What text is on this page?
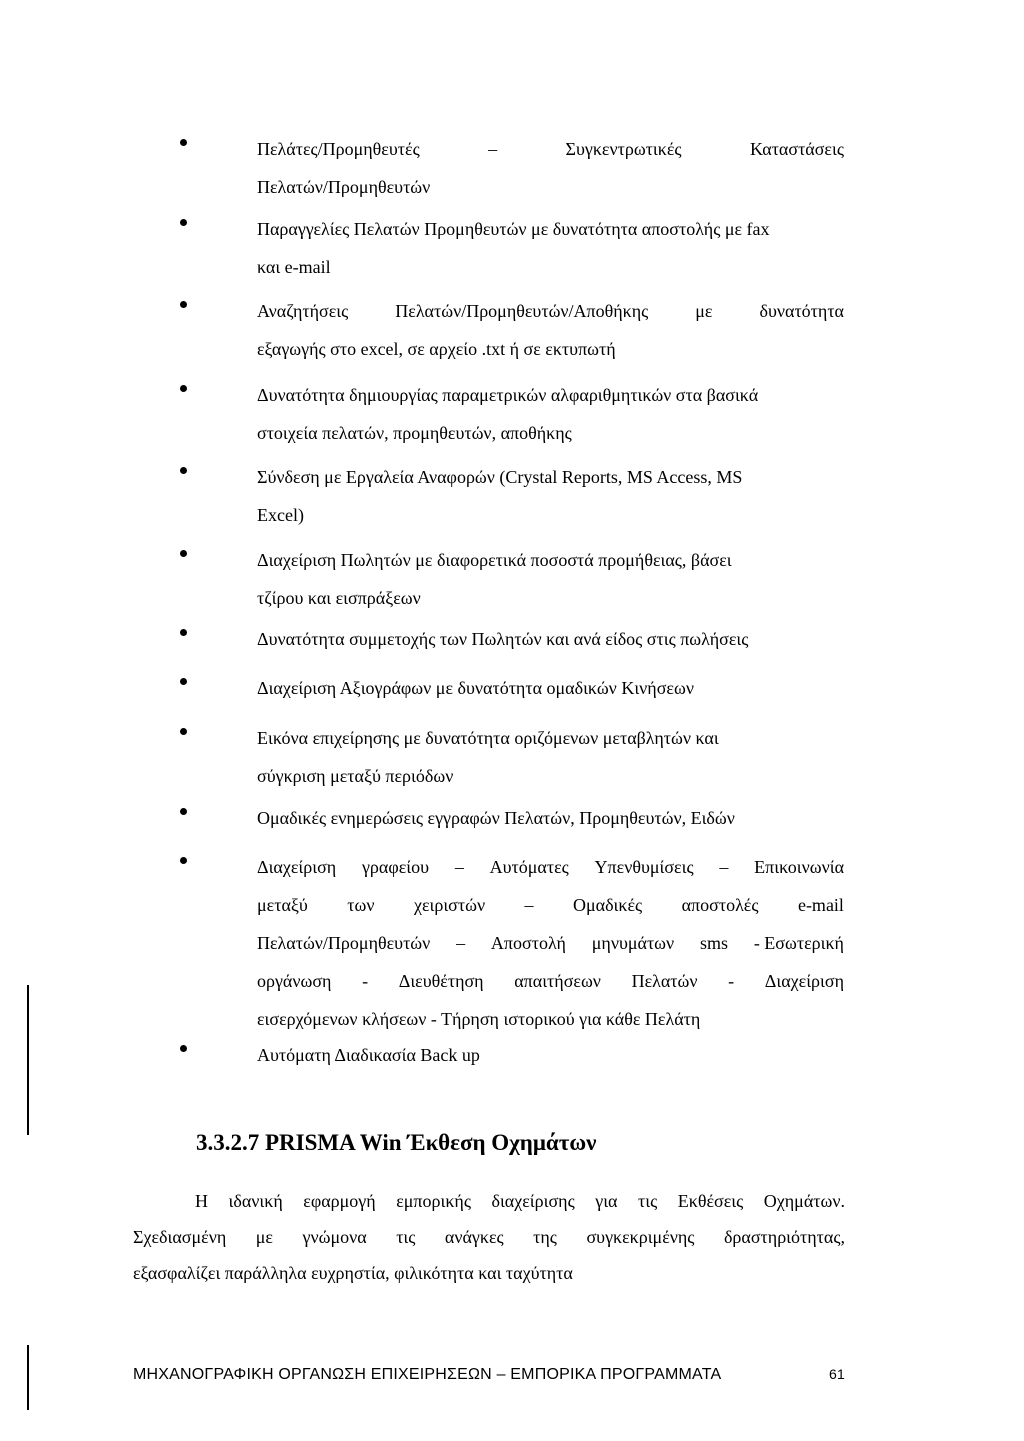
Πελάτες/Προμηθευτές	–	Συγκεντρωτικές	Καταστάσεις
Πελατών/Προμηθευτών
Παραγγελίες Πελατών Προμηθευτών με δυνατότητα αποστολής με fax
και e-mail
Αναζητήσεις	Πελατών/Προμηθευτών/Αποθήκης	με	δυνατότητα
εξαγωγής στο excel, σε αρχείο .txt ή σε εκτυπωτή
Δυνατότητα δημιουργίας παραμετρικών αλφαριθμητικών στα βασικά
στοιχεία πελατών, προμηθευτών, αποθήκης
Σύνδεση με Εργαλεία Αναφορών (Crystal Reports, MS Access, MS
Excel)
Διαχείριση Πωλητών με διαφορετικά ποσοστά προμήθειας, βάσει
τζίρου και εισπράξεων
Δυνατότητα συμμετοχής των Πωλητών και ανά είδος στις πωλήσεις
Διαχείριση Αξιογράφων με δυνατότητα ομαδικών Κινήσεων
Εικόνα επιχείρησης με δυνατότητα οριζόμενων μεταβλητών και
σύγκριση μεταξύ περιόδων
Ομαδικές ενημερώσεις εγγραφών Πελατών, Προμηθευτών, Ειδών
Διαχείριση γραφείου – Αυτόματες Υπενθυμίσεις – Επικοινωνία
μεταξύ των χειριστών – Ομαδικές αποστολές e-mail
Πελατών/Προμηθευτών – Αποστολή μηνυμάτων sms - Εσωτερική
οργάνωση - Διευθέτηση απαιτήσεων Πελατών - Διαχείριση
εισερχόμενων κλήσεων - Τήρηση ιστορικού για κάθε Πελάτη
Αυτόματη Διαδικασία Back up
3.3.2.7 PRISMA Win Έκθεση Οχημάτων
Η ιδανική εφαρμογή εμπορικής διαχείρισης για τις Εκθέσεις Οχημάτων.
Σχεδιασμένη με γνώμονα τις ανάγκες της συγκεκριμένης δραστηριότητας,
εξασφαλίζει παράλληλα ευχρηστία, φιλικότητα και ταχύτητα
ΜΗΧΑΝΟΓΡΑΦΙΚΗ ΟΡΓΑΝΩΣΗ ΕΠΙΧΕΙΡΗΣΕΩΝ – ΕΜΠΟΡΙΚΑ ΠΡΟΓΡΑΜΜΑΤΑ	61
